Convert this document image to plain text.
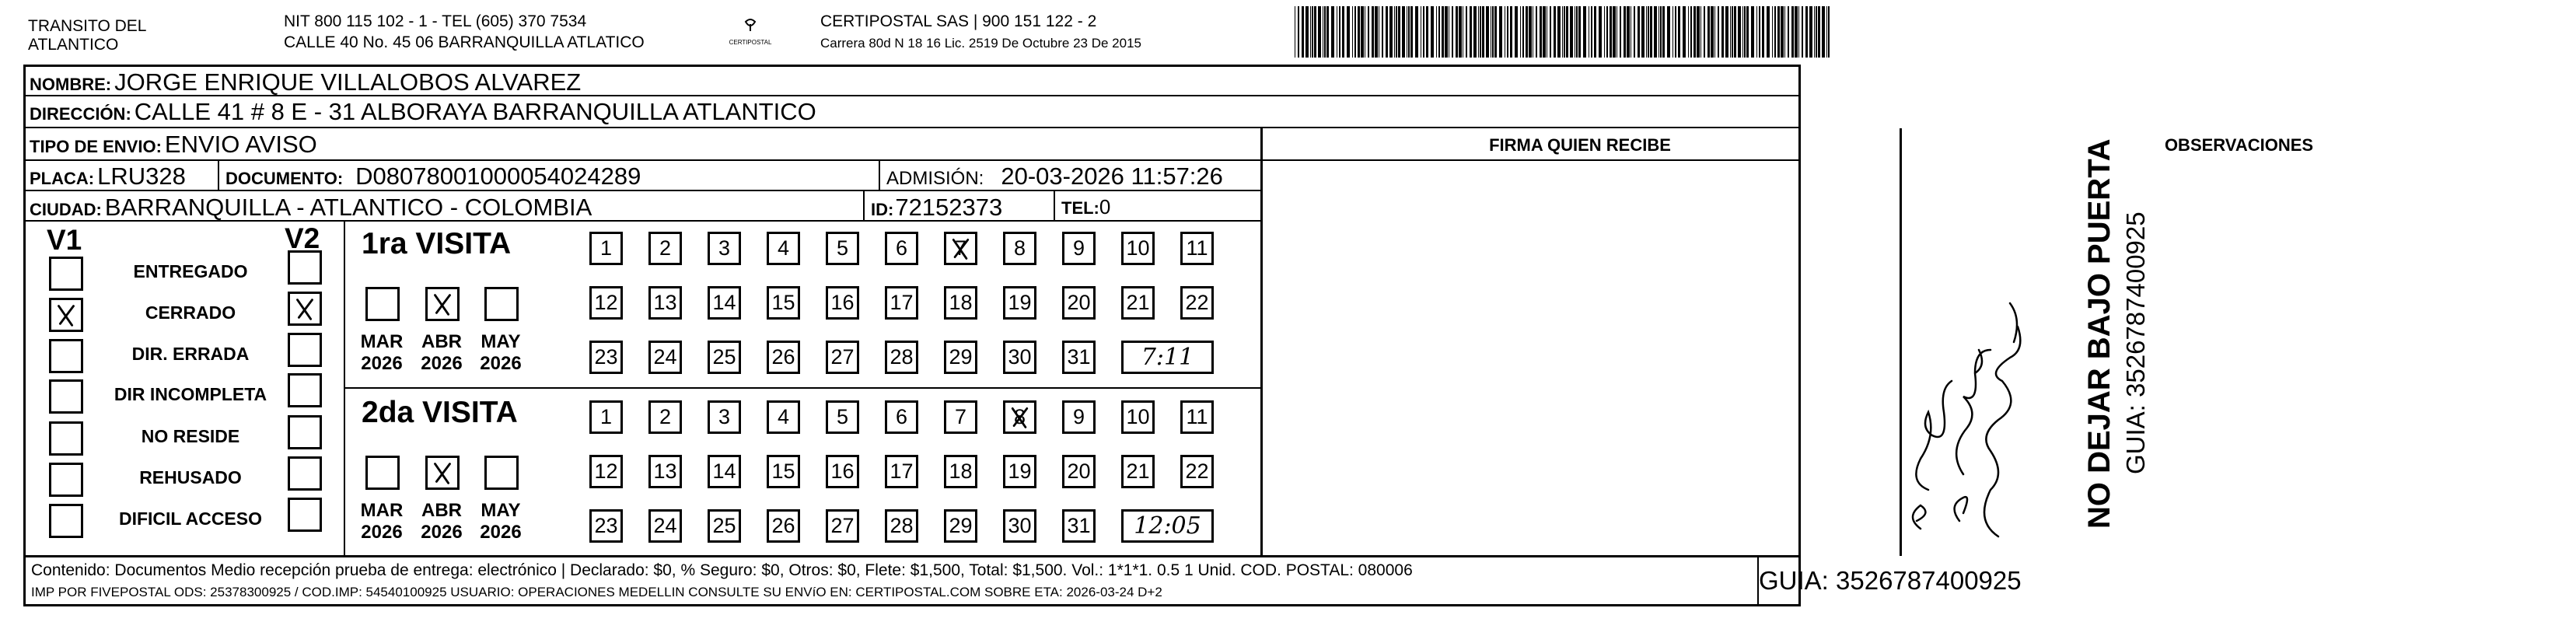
TRANSITO DEL ATLANTICO
NIT 800 115 102 - 1 - TEL (605) 370 7534
CALLE 40 No. 45 06 BARRANQUILLA ATLATICO	CERTIPOSTAL
CERTIPOSTAL SAS | 900 151 122 - 2
Carrera 80d N 18 16 Lic. 2519 De Octubre 23 De 2015
NOMBRE: JORGE ENRIQUE VILLALOBOS ALVAREZ
DIRECCIÓN: CALLE 41 # 8 E - 31 ALBORAYA BARRANQUILLA ATLANTICO
TIPO DE ENVIO: ENVIO AVISO	FIRMA QUIEN RECIBE	OBSERVACIONES
PLACA: LRU328 DOCUMENTO: D08078001000054024289	ADMISIÓN: 20-03-2026 11:57:26
CIUDAD: BARRANQUILLA - ATLANTICO - COLOMBIA	ID: 72152373	TEL: 0
V1	V2
ENTREGADO
CERRADO
DIR. ERRADA
DIR INCOMPLETA
NO RESIDE
REHUSADO
DIFICIL ACCESO
1ra VISITA
MAR
2026
ABR
2026
MAY
2026
1 2 3 4 5 6 7 8 9 10 11
12 13 14 15 16 17 18 19 20 21 22
23 24 25 26 27 28 29 30 31	7:11
2da VISITA
MAR
2026
ABR
2026
MAY
2026
1 2 3 4 5 6 7 8 9 10 11
12 13 14 15 16 17 18 19 20 21 22
23 24 25 26 27 28 29 30 31	12:05
Contenido: Documentos Medio recepción prueba de entrega: electrónico | Declarado: $0, % Seguro: $0, Otros: $0, Flete: $1,500, Total: $1,500. Vol.: 1*1*1. 0.5 1 Unid. COD. POSTAL: 080006
IMP POR FIVEPOSTAL ODS: 25378300925 / COD.IMP: 54540100925 USUARIO: OPERACIONES MEDELLIN CONSULTE SU ENVíO EN: CERTIPOSTAL.COM SOBRE ETA: 2026-03-24 D+2	GUIA: 3526787400925
NO DEJAR BAJO PUERTA GUIA: 3526787400925
